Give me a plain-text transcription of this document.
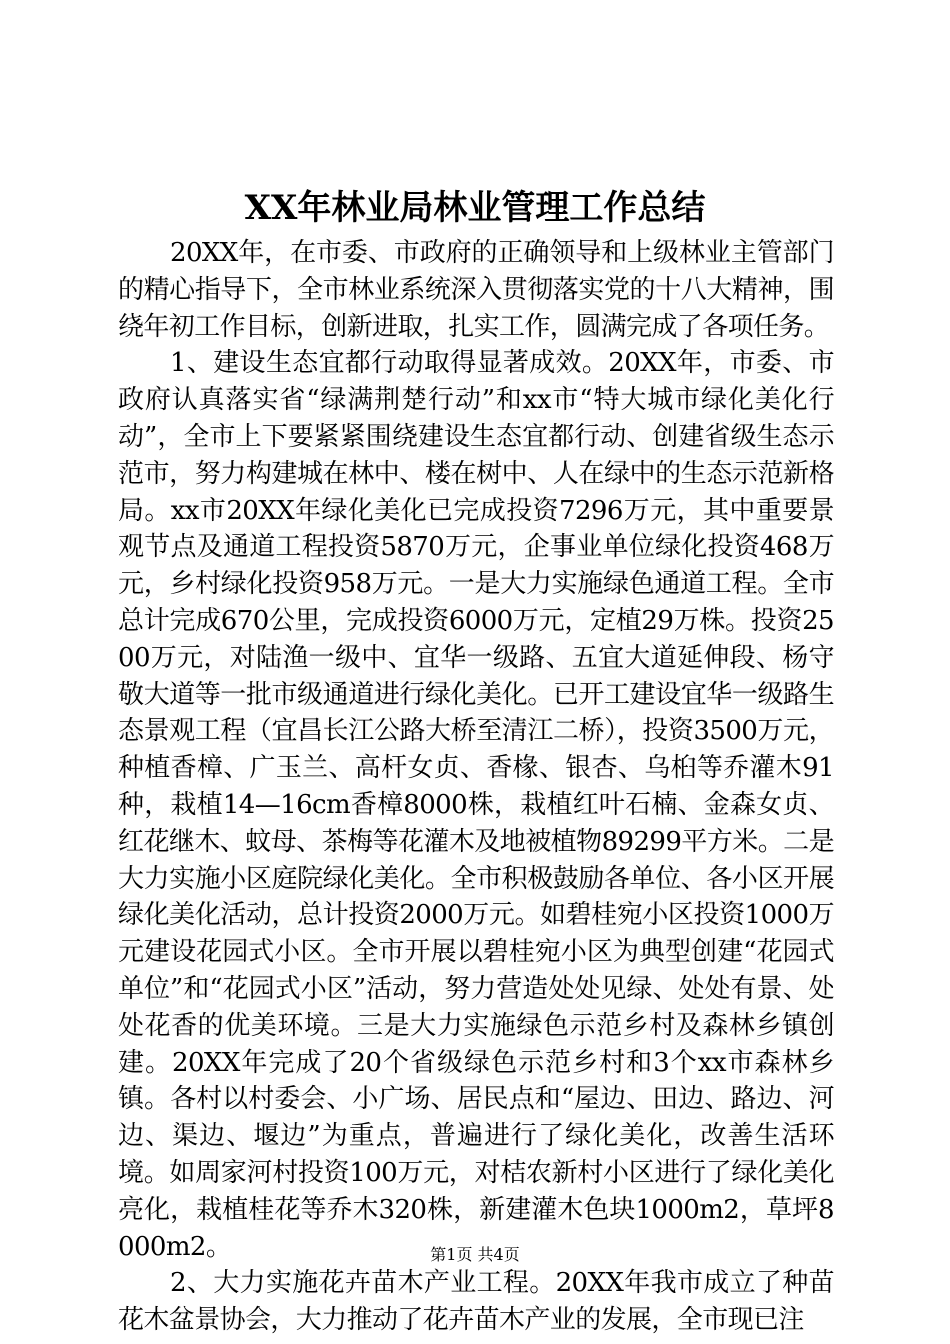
XX年林业局林业管理工作总结

20XX年，在市委、市政府的正确领导和上级林业主管部门的精心指导下，全市林业系统深入贯彻落实党的十八大精神，围绕年初工作目标，创新进取，扎实工作，圆满完成了各项任务。

1、建设生态宜都行动取得显著成效。20XX年，市委、市政府认真落实省“绿满荆楚行动”和xx市“特大城市绿化美化行动”，全市上下要紧紧围绕建设生态宜都行动、创建省级生态示范市，努力构建城在林中、楼在树中、人在绿中的生态示范新格局。xx市20XX年绿化美化已完成投资7296万元，其中重要景观节点及通道工程投资5870万元，企事业单位绿化投资468万元，乡村绿化投资958万元。一是大力实施绿色通道工程。全市总计完成670公里，完成投资6000万元，定植29万株。投资2500万元，对陆渔一级中、宜华一级路、五宜大道延伸段、杨守敬大道等一批市级通道进行绿化美化。已开工建设宜华一级路生态景观工程（宜昌长江公路大桥至清江二桥），投资3500万元，种植香樟、广玉兰、高杆女贞、香椽、银杏、乌桕等乔灌木91种，栽植14—16cm香樟8000株，栽植红叶石楠、金森女贞、红花继木、蚊母、茶梅等花灌木及地被植物89299平方米。二是大力实施小区庭院绿化美化。全市积极鼓励各单位、各小区开展绿化美化活动，总计投资2000万元。如碧桂宛小区投资1000万元建设花园式小区。全市开展以碧桂宛小区为典型创建“花园式单位”和“花园式小区”活动，努力营造处处见绿、处处有景、处处花香的优美环境。三是大力实施绿色示范乡村及森林乡镇创建。20XX年完成了20个省级绿色示范乡村和3个xx市森林乡镇。各村以村委会、小广场、居民点和“屋边、田边、路边、河边、渠边、堰边”为重点，普遍进行了绿化美化，改善生活环境。如周家河村投资100万元，对桔农新村小区进行了绿化美化亮化，栽植桂花等乔木320株，新建灌木色块1000m2，草坪8000m2。

2、大力实施花卉苗木产业工程。20XX年我市成立了种苗花木盆景协会，大力推动了花卉苗木产业的发展，全市现已注

第1页 共4页
